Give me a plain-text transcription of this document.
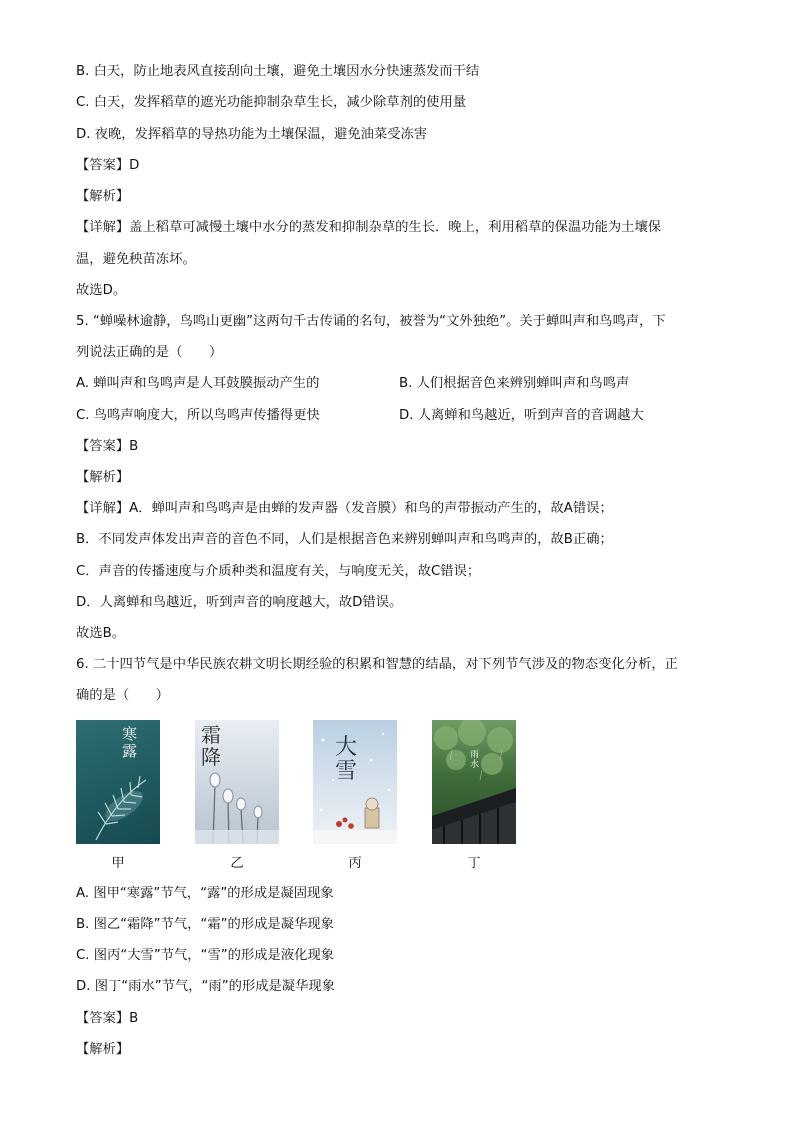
B. 白天，防止地表风直接刮向土壤，避免土壤因水分快速蒸发而干结
C. 白天，发挥稻草的遮光功能抑制杂草生长，减少除草剂的使用量
D. 夜晚，发挥稻草的导热功能为土壤保温，避免油菜受冻害
【答案】D
【解析】
【详解】盖上稻草可减慢土壤中水分的蒸发和抑制杂草的生长．晚上，利用稻草的保温功能为土壤保
温，避免秧苗冻坏。
故选D。
5. “蝉噪林逾静，鸟鸣山更幽”这两句千古传诵的名句，被誉为“文外独绝”。关于蝉叫声和鸟鸣声，下
列说法正确的是（　　）
A. 蝉叫声和鸟鸣声是人耳鼓膜振动产生的	B. 人们根据音色来辨别蝉叫声和鸟鸣声
C. 鸟鸣声响度大，所以鸟鸣声传播得更快	D. 人离蝉和鸟越近，听到声音的音调越大
【答案】B
【解析】
【详解】A．蝉叫声和鸟鸣声是由蝉的发声器（发音膜）和鸟的声带振动产生的，故A错误；
B．不同发声体发出声音的音色不同，人们是根据音色来辨别蝉叫声和鸟鸣声的，故B正确；
C．声音的传播速度与介质种类和温度有关，与响度无关，故C错误；
D．人离蝉和鸟越近，听到声音的响度越大，故D错误。
故选B。
6. 二十四节气是中华民族农耕文明长期经验的积累和智慧的结晶，对下列节气涉及的物态变化分析，正
确的是（　　）
寒露
甲
霜降
乙
大雪
丙
雨水
丁
A. 图甲“寒露”节气，“露”的形成是凝固现象
B. 图乙“霜降”节气，“霜”的形成是凝华现象
C. 图丙“大雪”节气，“雪”的形成是液化现象
D. 图丁“雨水”节气，“雨”的形成是凝华现象
【答案】B
【解析】
